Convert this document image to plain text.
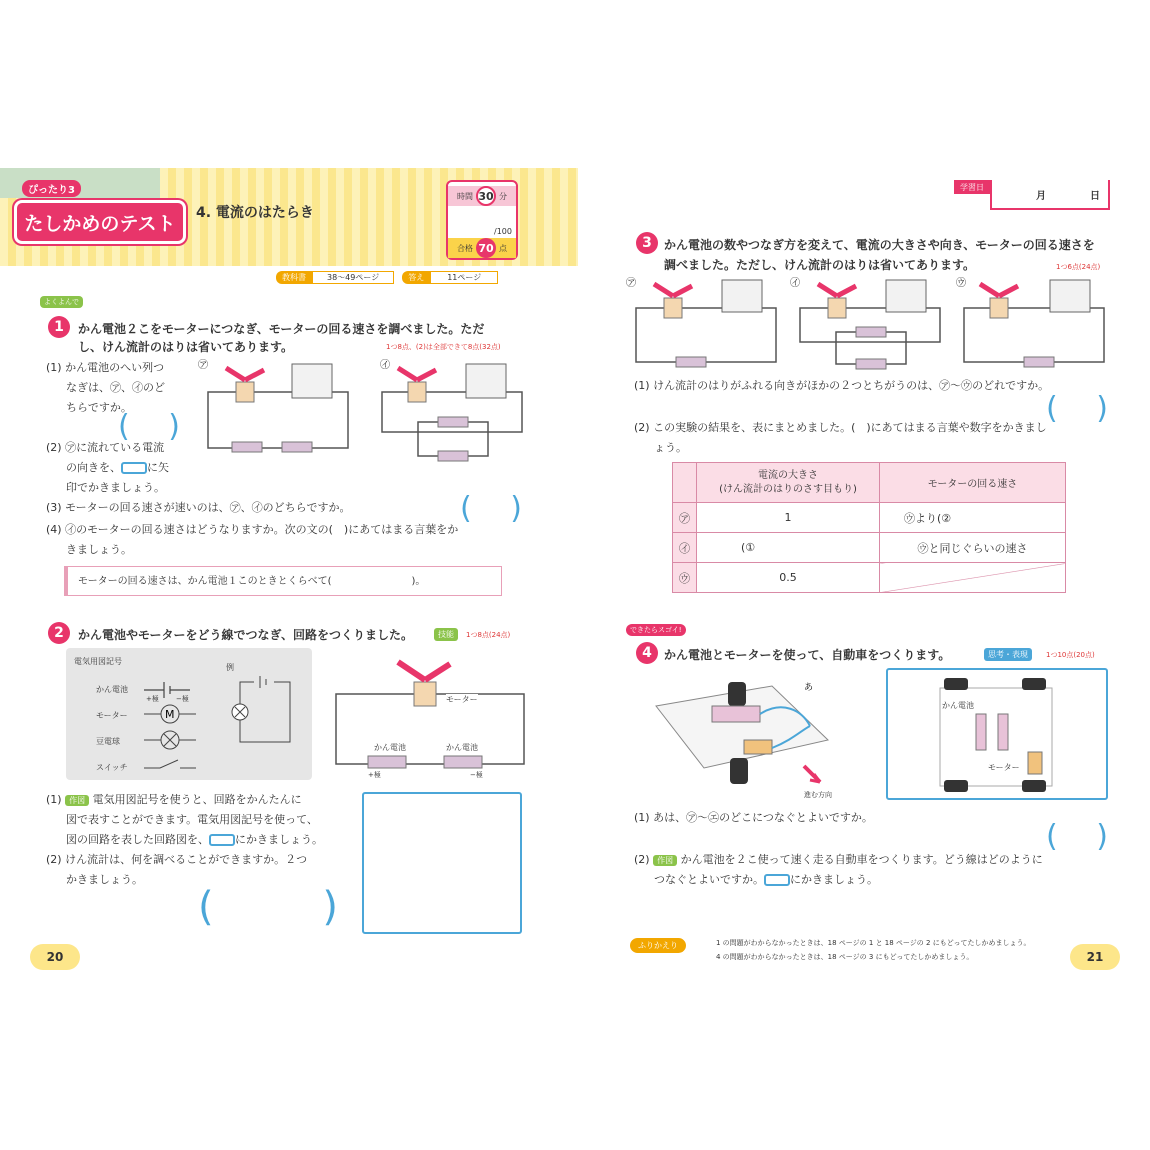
ぴったり3
たしかめのテスト	4. 電流のはたらき
時間 30 分
/100
合格 70 点
教科書	38〜49ページ	答え	11ページ
よくよんで
1	かん電池２こをモーターにつなぎ、モーターの回る速さを調べました。ただ
し、けん流計のはりは省いてあります。	1つ8点、(2)は全部できて8点(32点)
(1) かん電池のへい列つ
なぎは、㋐、㋑のど
ちらですか。
( )
(2) ㋐に流れている電流
の向きを、 に矢
印でかきましょう。
(3) モーターの回る速さが速いのは、㋐、㋑のどちらですか。	( )
(4) ㋑のモーターの回る速さはどうなりますか。次の文の(　)にあてはまる言葉をか
きましょう。
モーターの回る速さは、かん電池１このときとくらべて(	)。
㋐	㋑
2	かん電池やモーターをどう線でつなぎ、回路をつくりました。	技能	1つ8点(24点)
電気用図記号
かん電池
モーター
豆電球
スイッチ
+極 −極
例
M
モーター
かん電池	かん電池
+極	−極
(1) 作図 電気用図記号を使うと、回路をかんたんに
図で表すことができます。電気用図記号を使って、
図の回路を表した回路図を、 にかきましょう。
(2) けん流計は、何を調べることができますか。２つ
かきましょう。
(	)
20
学習日
月	日
3	かん電池の数やつなぎ方を変えて、電流の大きさや向き、モーターの回る速さを
調べました。ただし、けん流計のはりは省いてあります。	1つ6点(24点)
㋐	㋑	㋒
(1) けん流計のはりがふれる向きがほかの２つとちがうのは、㋐〜㋒のどれですか。
( )
(2) この実験の結果を、表にまとめました。(　)にあてはまる言葉や数字をかきまし
ょう。
	電流の大きさ
(けん流計のはりのさす目もり)	モーターの回る速さ
㋐	1	㋒より(②
㋑	(①	㋒と同じぐらいの速さ
㋒	0.5	
できたらスゴイ!
4	かん電池とモーターを使って、自動車をつくります。	思考・表現	1つ10点(20点)
あ
進む方向
かん電池
モーター
(1) あは、㋐〜㋓のどこにつなぐとよいですか。
( )
(2) 作図 かん電池を２こ使って速く走る自動車をつくります。どう線はどのように
つなぐとよいですか。 にかきましょう。
ふりかえり	1 の問題がわからなかったときは、18 ページの 1 と 18 ページの 2 にもどってたしかめましょう。
4 の問題がわからなかったときは、18 ページの 3 にもどってたしかめましょう。	21
